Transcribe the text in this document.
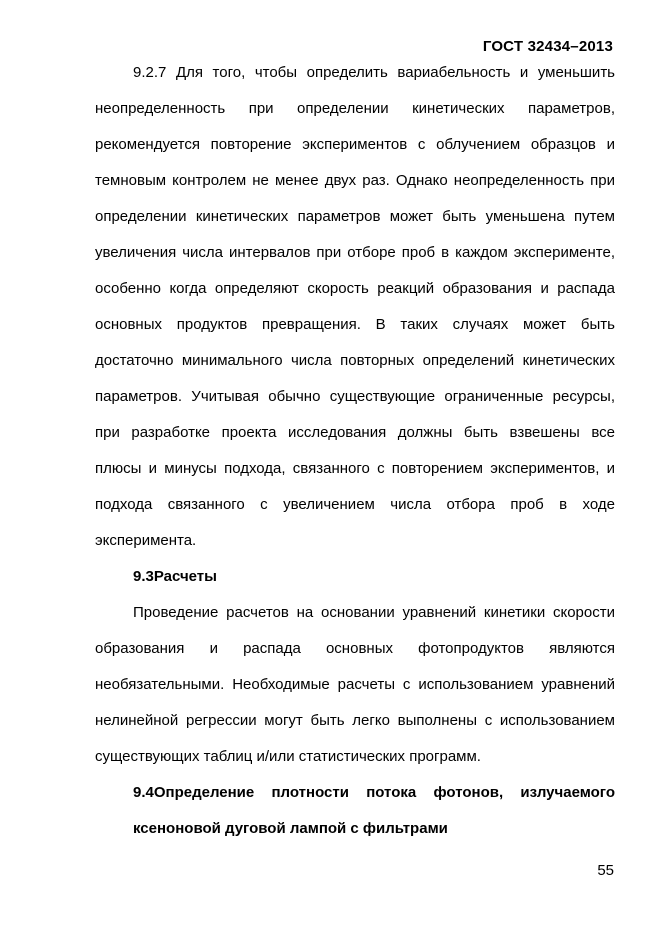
ГОСТ 32434–2013

9.2.7 Для того, чтобы определить вариабельность и уменьшить
неопределенность при определении кинетических параметров,
рекомендуется повторение экспериментов с облучением образцов и
темновым контролем не менее двух раз. Однако неопределенность при
определении кинетических параметров может быть уменьшена путем
увеличения числа интервалов при отборе проб в каждом эксперименте,
особенно когда определяют скорость реакций образования и распада
основных продуктов превращения. В таких случаях может быть
достаточно минимального числа повторных определений кинетических
параметров. Учитывая обычно существующие ограниченные ресурсы,
при разработке проекта исследования должны быть взвешены все
плюсы и минусы подхода, связанного с повторением экспериментов, и
подхода связанного с увеличением числа отбора проб в ходе
эксперимента.

9.3Расчеты

Проведение расчетов на основании уравнений кинетики скорости
образования и распада основных фотопродуктов являются
необязательными. Необходимые расчеты с использованием уравнений
нелинейной регрессии могут быть легко выполнены с использованием
существующих таблиц и/или статистических программ.

9.4Определение плотности потока фотонов, излучаемого
ксеноновой дуговой лампой с фильтрами

55
